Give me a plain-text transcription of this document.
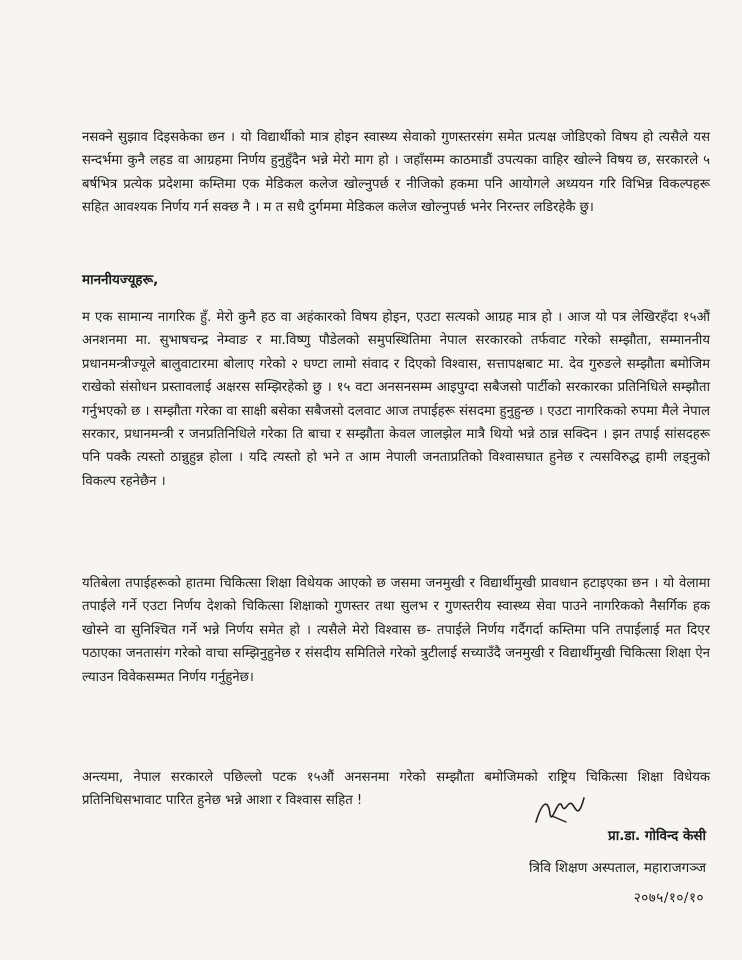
नसक्ने सुझाव दिइसकेका छन । यो विद्यार्थीको मात्र होइन स्वास्थ्य सेवाको गुणस्तरसंग समेत प्रत्यक्ष जोडिएको विषय हो त्यसैले यस सन्दर्भमा कुनै लहड वा आग्रहमा निर्णय हुनुहुँदैन भन्ने मेरो माग हो । जहाँसम्म काठमाडौं उपत्यका वाहिर खोल्ने विषय छ, सरकारले ५ बर्षभित्र प्रत्येक प्रदेशमा कम्तिमा एक मेडिकल कलेज खोल्नुपर्छ र नीजिको हकमा पनि आयोगले अध्ययन गरि विभिन्न विकल्पहरू सहित आवश्यक निर्णय गर्न सक्छ नै । म त सधै दुर्गममा मेडिकल कलेज खोल्नुपर्छ भनेर निरन्तर लडिरहेकै छु।

माननीयज्यूहरू,

म एक सामान्य नागरिक हुँ. मेरो कुनै हठ वा अहंकारको विषय होइन, एउटा सत्यको आग्रह मात्र हो । आज यो पत्र लेखिरहँदा १५औं अनशनमा मा. सुभाषचन्द्र नेम्वाङ र मा.विष्णु पौडेलको समुपस्थितिमा नेपाल सरकारको तर्फवाट गरेको सम्झौता, सम्माननीय प्रधानमन्त्रीज्यूले बालुवाटारमा बोलाए गरेको २ घण्टा लामो संवाद र दिएको विश्वास, सत्तापक्षबाट मा. देव गुरुङले सम्झौता बमोजिम राखेको संसोधन प्रस्तावलाई अक्षरस सम्झिरहेको छु । १५ वटा अनसनसम्म आइपुग्दा सबैजसो पार्टीको सरकारका प्रतिनिधिले सम्झौता गर्नुभएको छ । सम्झौता गरेका वा साक्षी बसेका सबैजसो दलवाट आज तपाईहरू संसदमा हुनुहुन्छ । एउटा नागरिकको रुपमा मैले नेपाल सरकार, प्रधानमन्त्री र जनप्रतिनिधिले गरेका ति बाचा र सम्झौता केवल जालझेल मात्रै थियो भन्ने ठान्न सक्दिन । झन तपाई सांसदहरू पनि पक्कै त्यस्तो ठान्नुहुन्न होला । यदि त्यस्तो हो भने त आम नेपाली जनताप्रतिको विश्वासघात हुनेछ र त्यसविरुद्ध हामी लड्नुको विकल्प रहनेछैन ।

यतिबेला तपाईहरूको हातमा चिकित्सा शिक्षा विधेयक आएको छ जसमा जनमुखी र विद्यार्थीमुखी प्रावधान हटाइएका छन । यो वेलामा तपाईले गर्ने एउटा निर्णय देशको चिकित्सा शिक्षाको गुणस्तर तथा सुलभ र गुणस्तरीय स्वास्थ्य सेवा पाउने नागरिकको नैसर्गिक हक खोस्ने वा सुनिश्चित गर्ने भन्ने निर्णय समेत हो । त्यसैले मेरो विश्वास छ- तपाईले निर्णय गर्दैगर्दा कम्तिमा पनि तपाईलाई मत दिएर पठाएका जनतासंग गरेको वाचा सम्झिनुहुनेछ र संसदीय समितिले गरेको त्रुटीलाई सच्याउँदै जनमुखी र विद्यार्थीमुखी चिकित्सा शिक्षा ऐन ल्याउन विवेकसम्मत निर्णय गर्नुहुनेछ।

अन्त्यमा, नेपाल सरकारले पछिल्लो पटक १५औं अनसनमा गरेको सम्झौता बमोजिमको राष्ट्रिय चिकित्सा शिक्षा विधेयक प्रतिनिधिसभावाट पारित हुनेछ भन्ने आशा र विश्वास सहित !

प्रा.डा. गोविन्द केसी
त्रिवि शिक्षण अस्पताल, महाराजगञ्ज
२०७५/१०/१०
